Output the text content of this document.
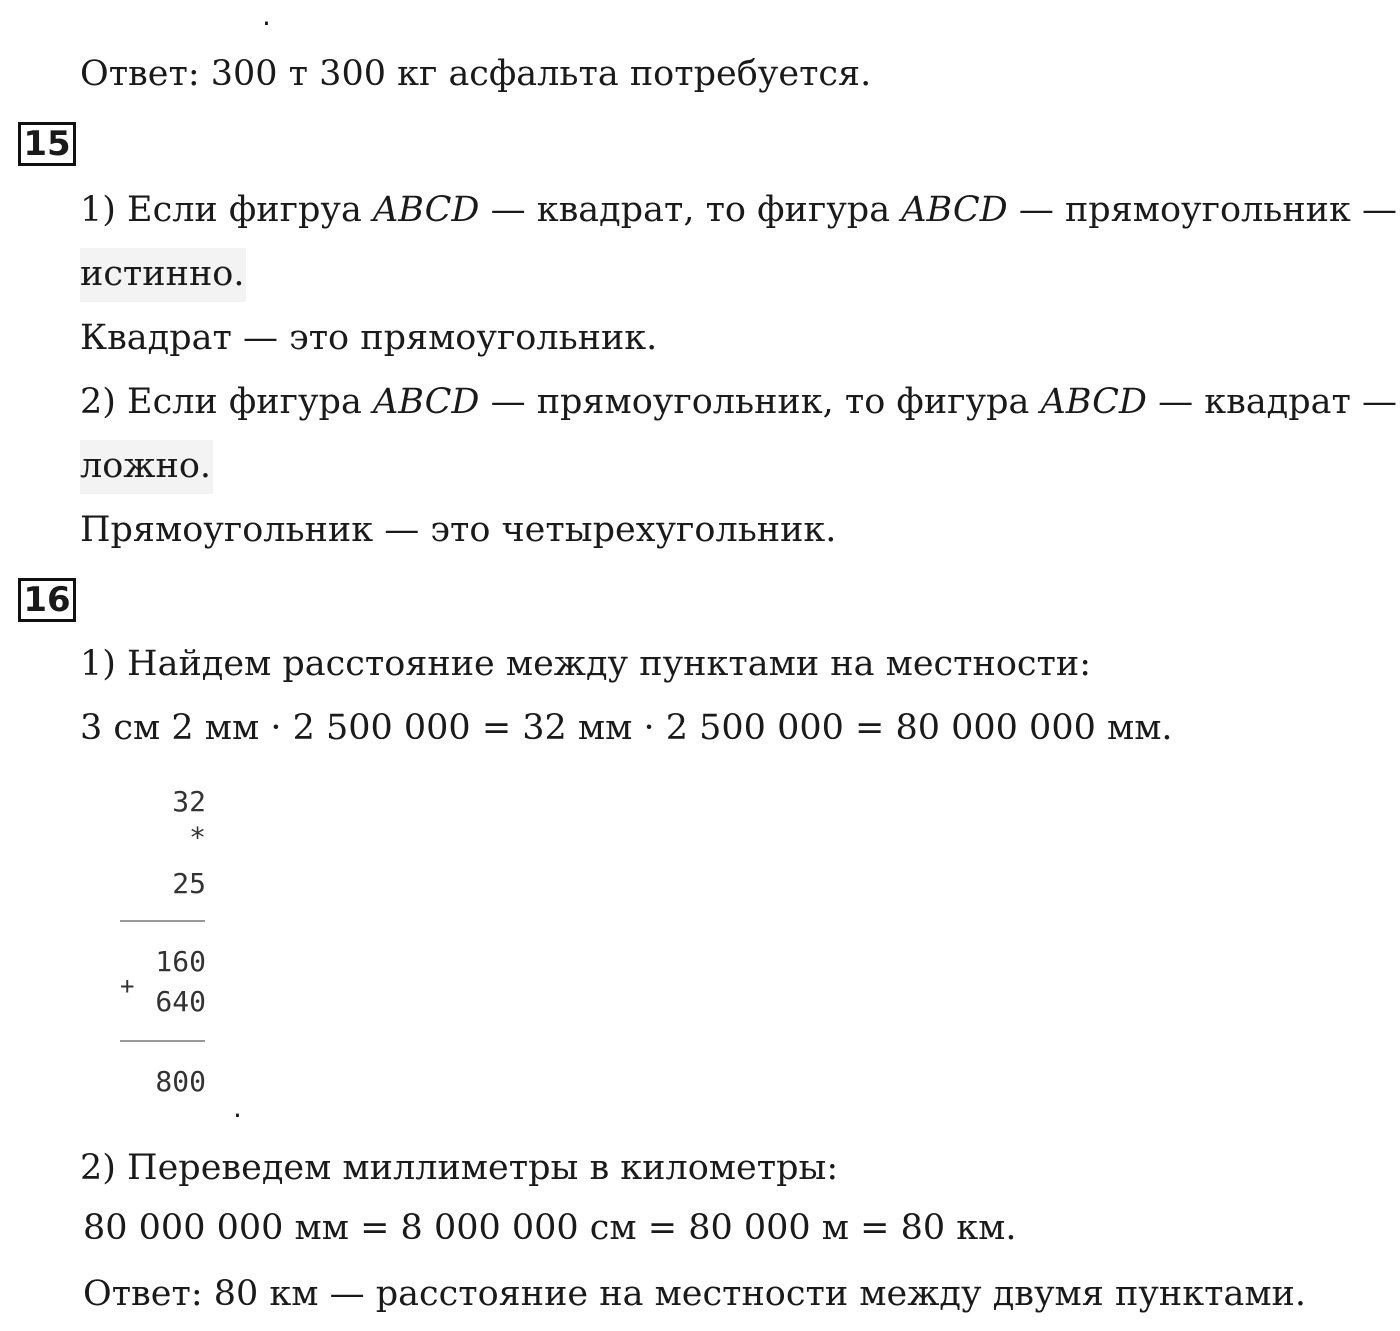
.
Ответ: 300 т 300 кг асфальта потребуется.
15
1) Если фигруа ABCD — квадрат, то фигура ABCD — прямоугольник —
истинно.
Квадрат — это прямоугольник.
2) Если фигура ABCD — прямоугольник, то фигура ABCD — квадрат —
ложно.
Прямоугольник — это четырехугольник.
16
1) Найдем расстояние между пунктами на местности:
3 см 2 мм · 2 500 000 = 32 мм · 2 500 000 = 80 000 000 мм.
32
*
25
160
+ 640
800
.
2) Переведем миллиметры в километры:
80 000 000 мм = 8 000 000 см = 80 000 м = 80 км.
Ответ: 80 км — расстояние на местности между двумя пунктами.
